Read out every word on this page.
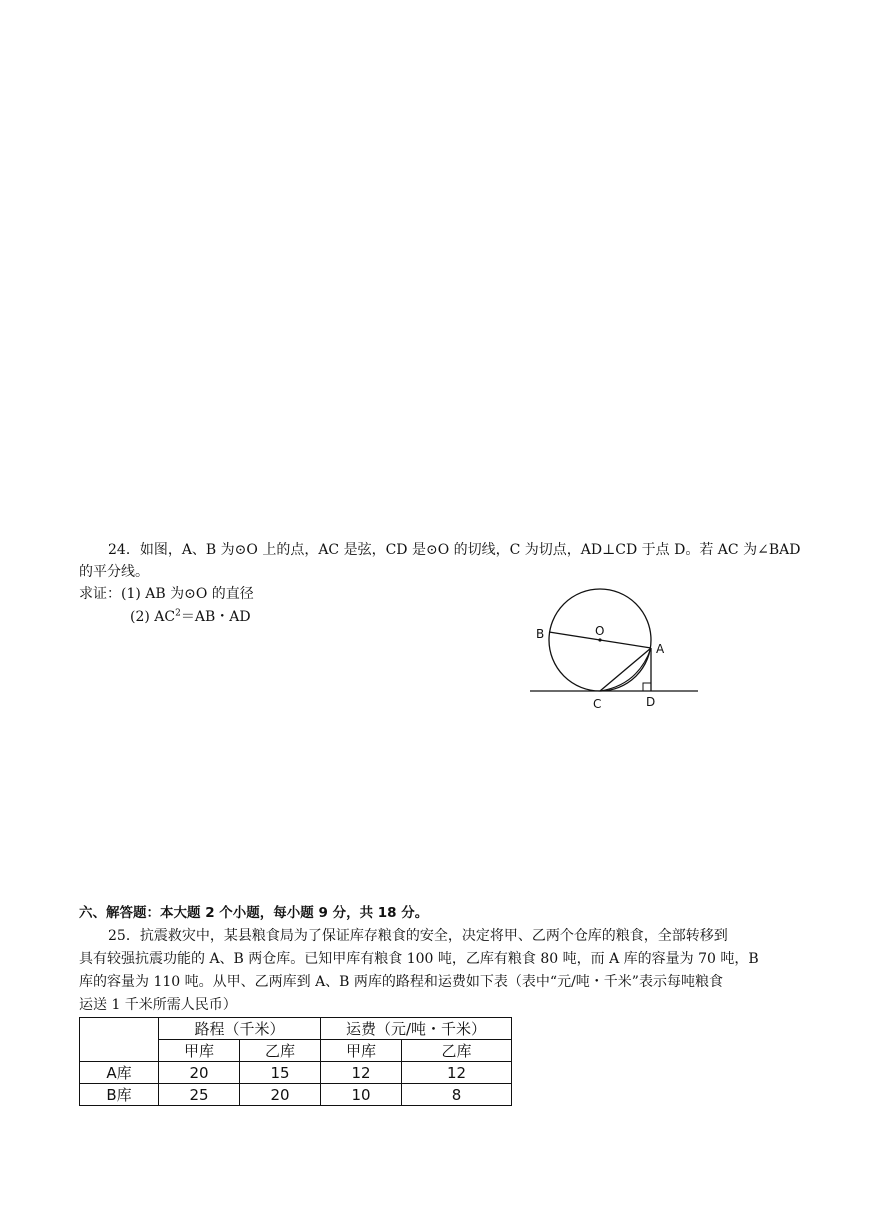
24．如图，A、B 为⊙O 上的点，AC 是弦，CD 是⊙O 的切线，C 为切点，AD⊥CD 于点 D。若 AC 为∠BAD
的平分线。
求证：(1) AB 为⊙O 的直径
(2) $AC^2=AB$・AD
B	O
A
C	D
六、解答题：本大题 2 个小题，每小题 9 分，共 18 分。
25．抗震救灾中，某县粮食局为了保证库存粮食的安全，决定将甲、乙两个仓库的粮食，全部转移到
具有较强抗震功能的 A、B 两仓库。已知甲库有粮食 100 吨，乙库有粮食 80 吨，而 A 库的容量为 70 吨，B
库的容量为 110 吨。从甲、乙两库到 A、B 两库的路程和运费如下表（表中“元/吨・千米”表示每吨粮食
运送 1 千米所需人民币）
	路程（千米）		运费（元/吨・千米）	
	甲库	乙库	甲库	乙库
A库	20	15	12	12
B库	25	20	10	8
